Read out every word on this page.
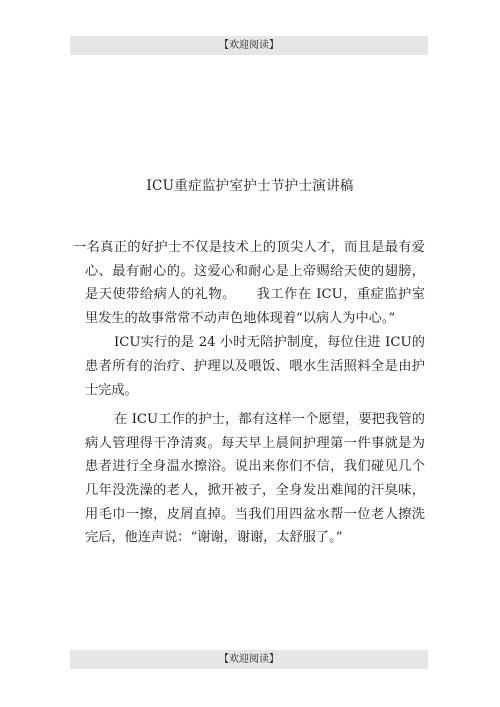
【欢迎阅读】
ICU重症监护室护士节护士演讲稿

一名真正的好护士不仅是技术上的顶尖人才，而且是最有爱心、最有耐心的。这爱心和耐心是上帝赐给天使的翅膀，是天使带给病人的礼物。　　我工作在 ICU，重症监护室里发生的故事常常不动声色地体现着“以病人为中心。”

ICU实行的是 24 小时无陪护制度，每位住进 ICU的患者所有的治疗、护理以及喂饭、喂水生活照料全是由护士完成。

在 ICU工作的护士，都有这样一个愿望，要把我管的病人管理得干净清爽。每天早上晨间护理第一件事就是为患者进行全身温水擦浴。说出来你们不信，我们碰见几个几年没洗澡的老人，掀开被子，全身发出难闻的汗臭味，用毛巾一擦，皮屑直掉。当我们用四盆水帮一位老人擦洗完后，他连声说：“谢谢，谢谢，太舒服了。”

【欢迎阅读】
